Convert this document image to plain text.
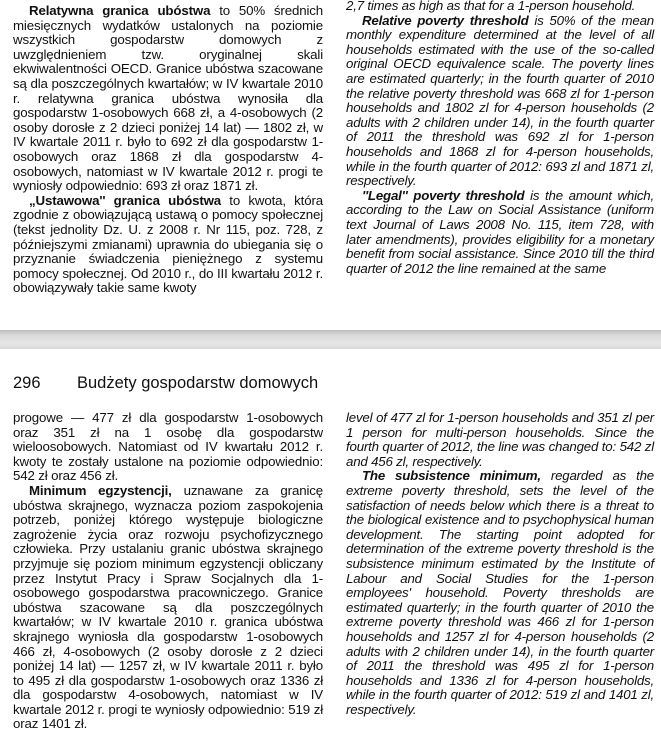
Relatywna granica ubóstwa to 50% średnich miesięcznych wydatków ustalonych na poziomie wszystkich gospodarstw domowych z uwzględnieniem tzw. oryginalnej skali ekwiwalentności OECD. Granice ubóstwa szacowane są dla poszczególnych kwartałów; w IV kwartale 2010 r. relatywna granica ubóstwa wynosiła dla gospodarstw 1-osobowych 668 zł, a 4-osobowych (2 osoby dorosłe z 2 dzieci poniżej 14 lat) — 1802 zł, w IV kwartale 2011 r. było to 692 zł dla gospodarstw 1-osobowych oraz 1868 zł dla gospodarstw 4-osobowych, natomiast w IV kwartale 2012 r. progi te wyniosły odpowiednio: 693 zł oraz 1871 zł.

„Ustawowa'' granica ubóstwa to kwota, która zgodnie z obowiązującą ustawą o pomocy społecznej (tekst jednolity Dz. U. z 2008 r. Nr 115, poz. 728, z późniejszymi zmianami) uprawnia do ubiegania się o przyznanie świadczenia pieniężnego z systemu pomocy społecznej. Od 2010 r., do III kwartału 2012 r. obowiązywały takie same kwoty

2,7 times as high as that for a 1-person household.

Relative poverty threshold is 50% of the mean monthly expenditure determined at the level of all households estimated with the use of the so-called original OECD equivalence scale. The poverty lines are estimated quarterly; in the fourth quarter of 2010 the relative poverty threshold was 668 zl for 1-person households and 1802 zl for 4-person households (2 adults with 2 children under 14), in the fourth quarter of 2011 the threshold was 692 zl for 1-person households and 1868 zl for 4-person households, while in the fourth quarter of 2012: 693 zl and 1871 zl, respectively.

''Legal'' poverty threshold is the amount which, according to the Law on Social Assistance (uniform text Journal of Laws 2008 No. 115, item 728, with later amendments), provides eligibility for a monetary benefit from social assistance. Since 2010 till the third quarter of 2012 the line remained at the same

296 Budżety gospodarstw domowych

progowe — 477 zł dla gospodarstw 1-osobowych oraz 351 zł na 1 osobę dla gospodarstw wieloosobowych. Natomiast od IV kwartału 2012 r. kwoty te zostały ustalone na poziomie odpowiednio: 542 zł oraz 456 zł.

Minimum egzystencji, uznawane za granicę ubóstwa skrajnego, wyznacza poziom zaspokojenia potrzeb, poniżej którego występuje biologiczne zagrożenie życia oraz rozwoju psychofizycznego człowieka. Przy ustalaniu granic ubóstwa skrajnego przyjmuje się poziom minimum egzystencji obliczany przez Instytut Pracy i Spraw Socjalnych dla 1-osobowego gospodarstwa pracowniczego. Granice ubóstwa szacowane są dla poszczególnych kwartałów; w IV kwartale 2010 r. granica ubóstwa skrajnego wyniosła dla gospodarstw 1-osobowych 466 zł, 4-osobowych (2 osoby dorosłe z 2 dzieci poniżej 14 lat) — 1257 zł, w IV kwartale 2011 r. było to 495 zł dla gospodarstw 1-osobowych oraz 1336 zł dla gospodarstw 4-osobowych, natomiast w IV kwartale 2012 r. progi te wyniosły odpowiednio: 519 zł oraz 1401 zł.

level of 477 zl for 1-person households and 351 zl per 1 person for multi-person households. Since the fourth quarter of 2012, the line was changed to: 542 zl and 456 zl, respectively.

The subsistence minimum, regarded as the extreme poverty threshold, sets the level of the satisfaction of needs below which there is a threat to the biological existence and to psychophysical human development. The starting point adopted for determination of the extreme poverty threshold is the subsistence minimum estimated by the Institute of Labour and Social Studies for the 1-person employees' household. Poverty thresholds are estimated quarterly; in the fourth quarter of 2010 the extreme poverty threshold was 466 zl for 1-person households and 1257 zl for 4-person households (2 adults with 2 children under 14), in the fourth quarter of 2011 the threshold was 495 zl for 1-person households and 1336 zl for 4-person households, while in the fourth quarter of 2012: 519 zl and 1401 zl, respectively.
